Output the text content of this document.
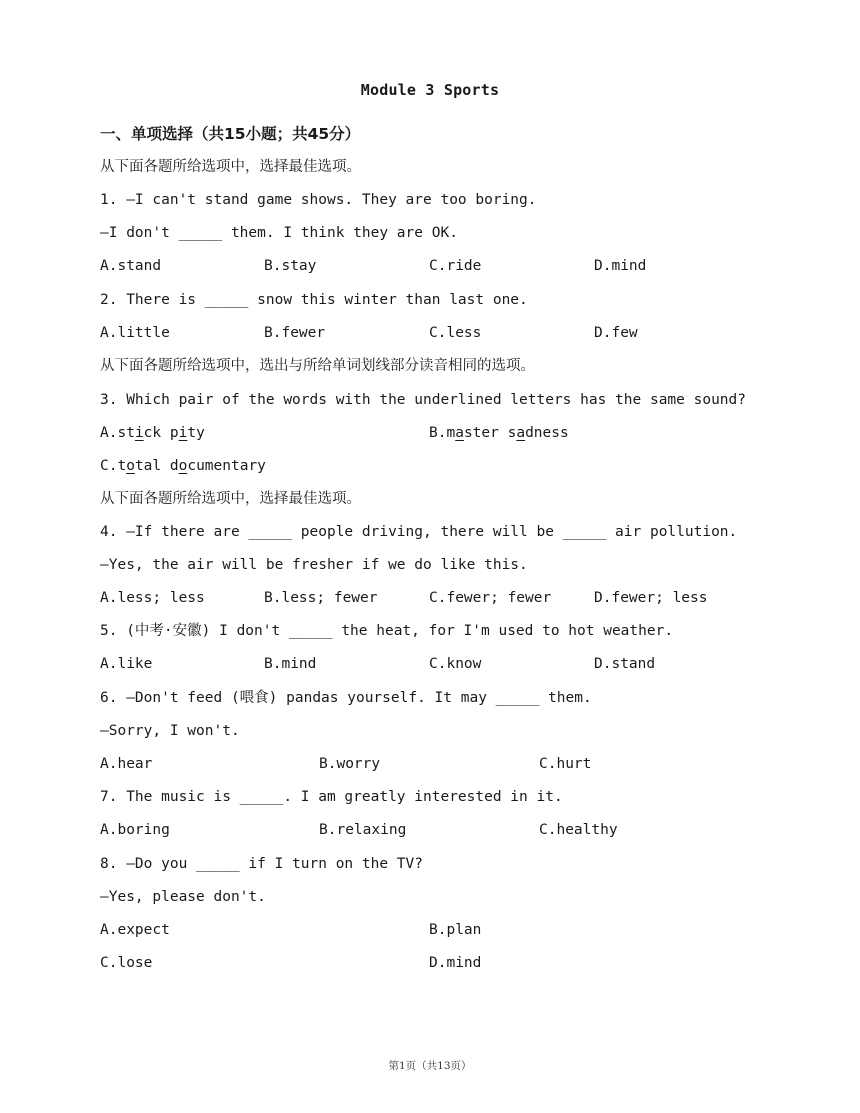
Module 3 Sports
一、单项选择（共15小题；共45分）
从下面各题所给选项中，选择最佳选项。
1. —I can't stand game shows. They are too boring.
—I don't _____ them. I think they are OK.
A.stand	B.stay	C.ride	D.mind
2. There is _____ snow this winter than last one.
A.little	B.fewer	C.less	D.few
从下面各题所给选项中，选出与所给单词划线部分读音相同的选项。
3. Which pair of the words with the underlined letters has the same sound?
A.stick pity	B.master sadness
C.total documentary
从下面各题所给选项中，选择最佳选项。
4. —If there are _____ people driving, there will be _____ air pollution.
—Yes, the air will be fresher if we do like this.
A.less; less	B.less; fewer	C.fewer; fewer	D.fewer; less
5. (中考·安徽) I don't _____ the heat, for I'm used to hot weather.
A.like	B.mind	C.know	D.stand
6. —Don't feed (喂食) pandas yourself. It may _____ them.
—Sorry, I won't.
A.hear	B.worry	C.hurt
7. The music is _____. I am greatly interested in it.
A.boring	B.relaxing	C.healthy
8. —Do you _____ if I turn on the TV?
—Yes, please don't.
A.expect	B.plan
C.lose	D.mind
第1页（共13页）
